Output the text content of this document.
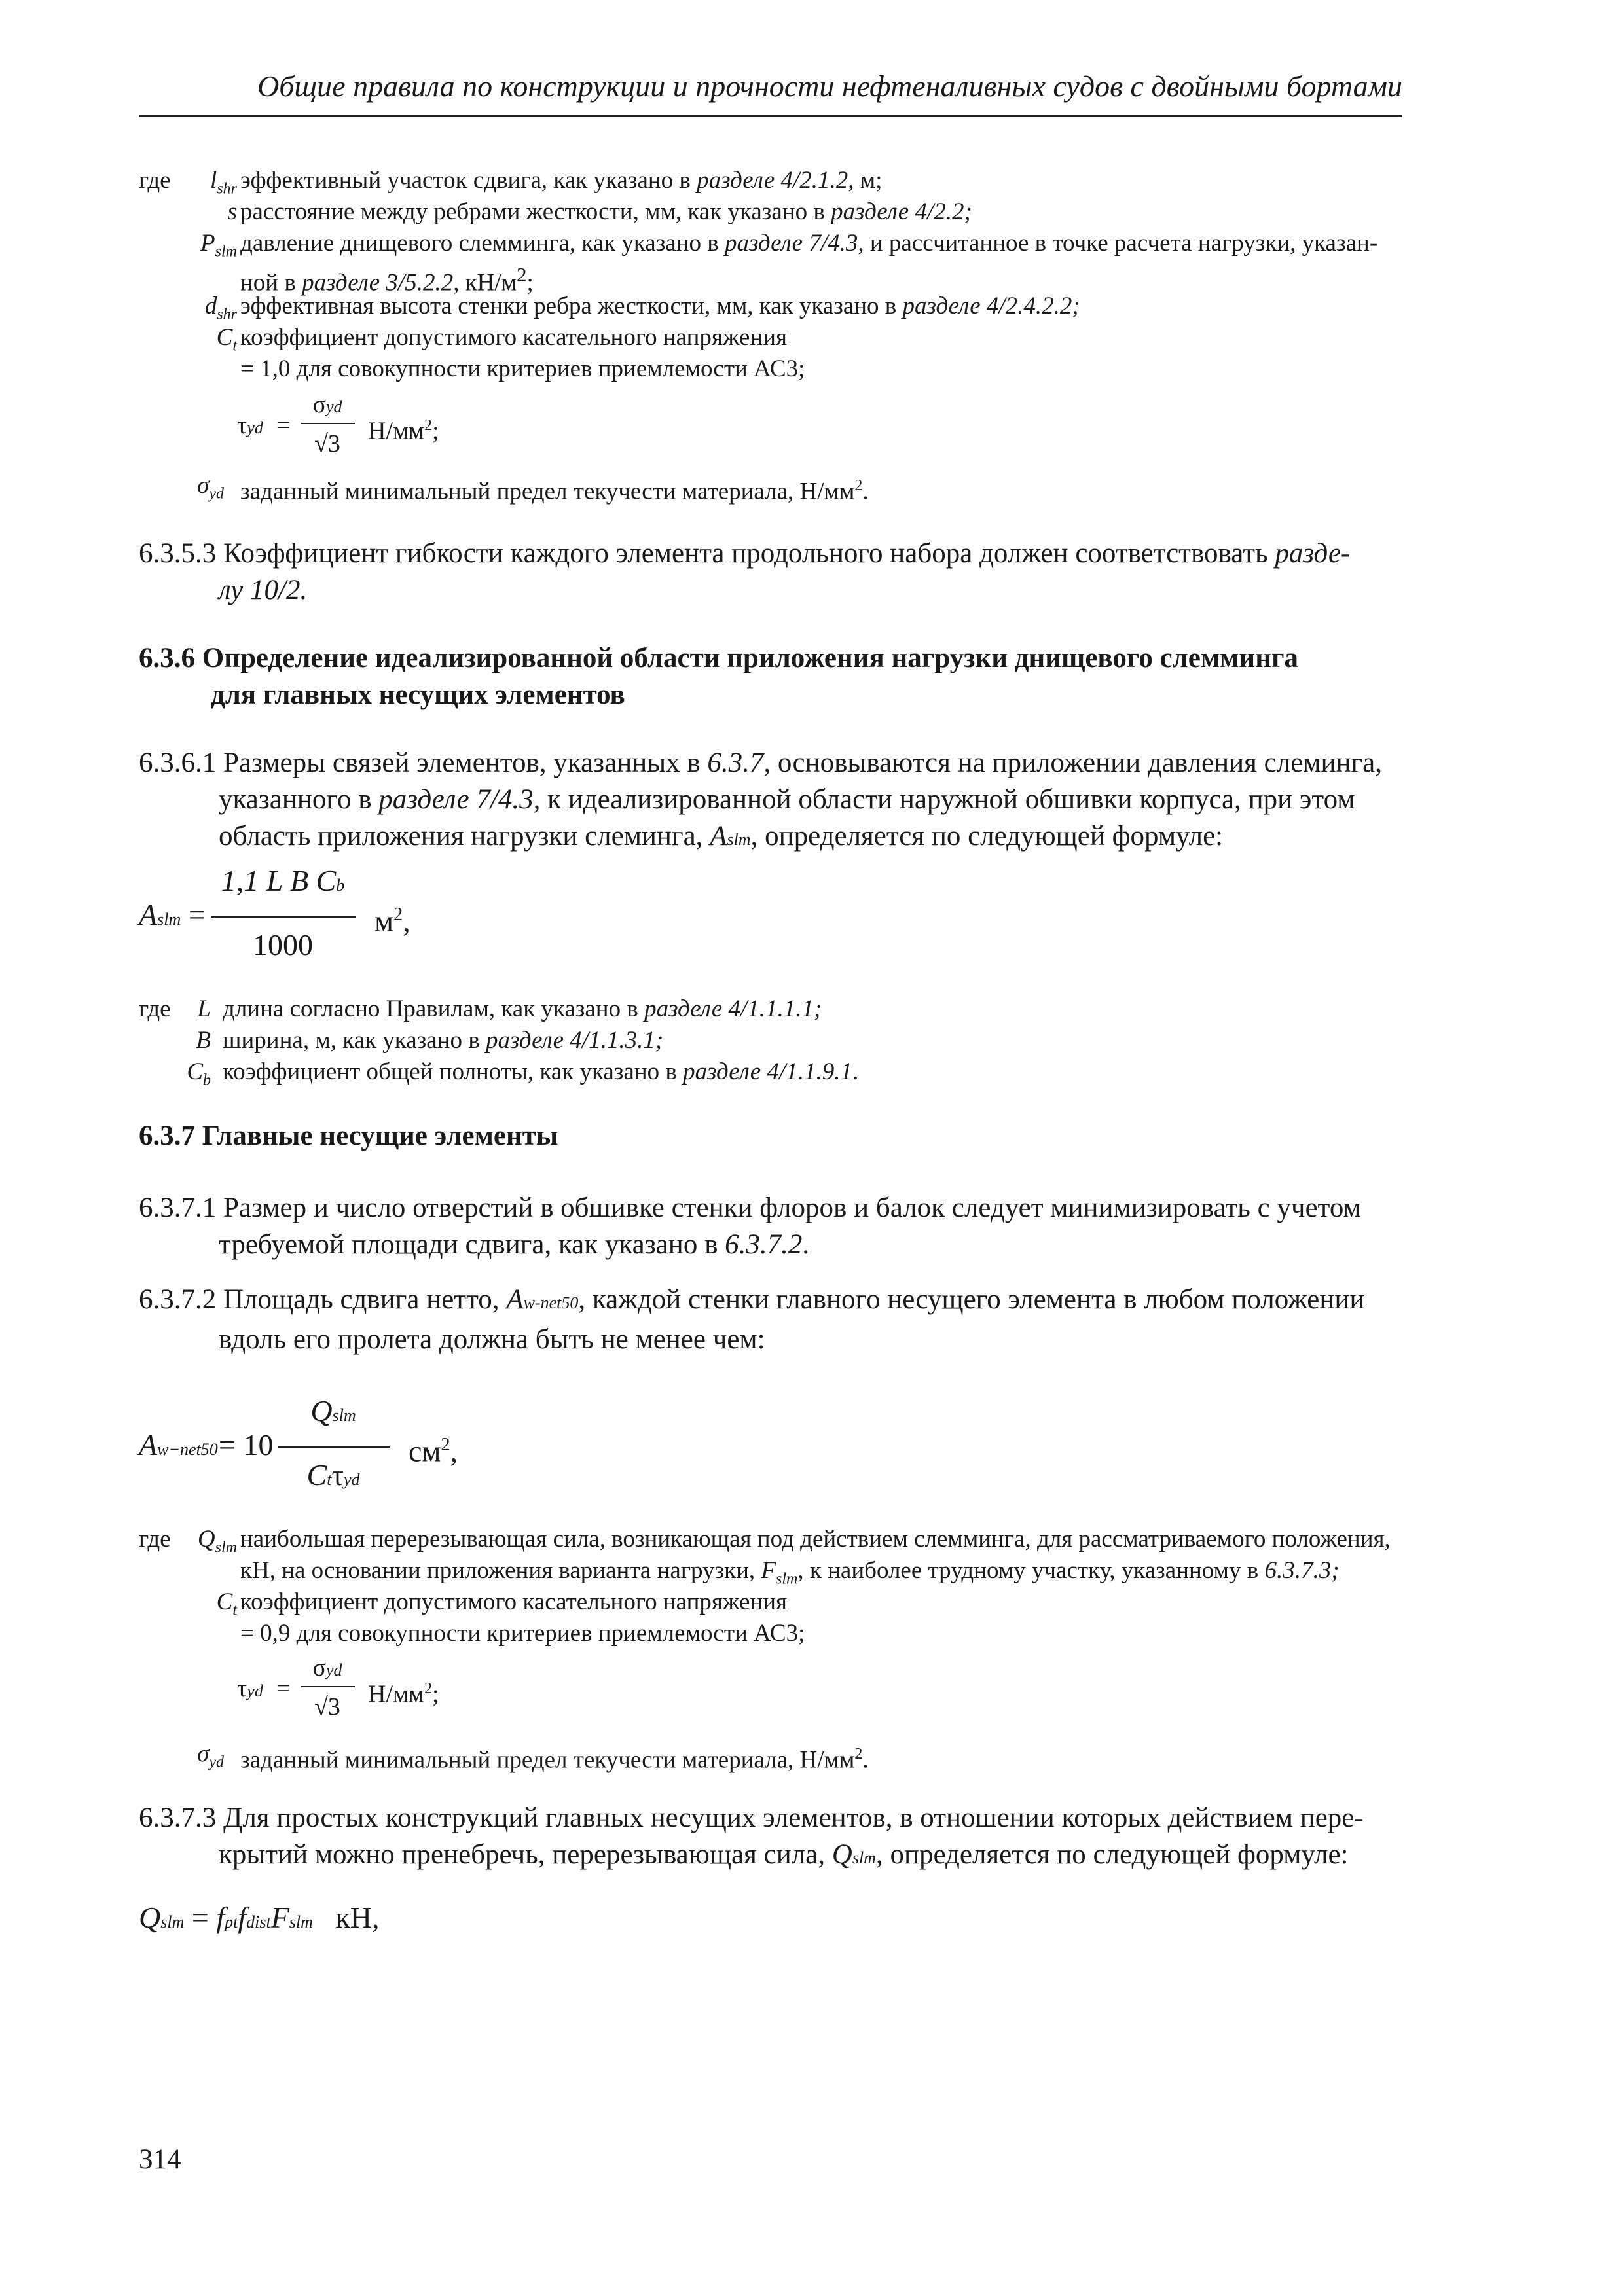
Общие правила по конструкции и прочности нефтеналивных судов с двойными бортами
где	$l_{shr}$ эффективный участок сдвига, как указано в разделе 4/2.1.2, м;
s расстояние между ребрами жесткости, мм, как указано в разделе 4/2.2;
$P_{slm}$ давление днищевого слемминга, как указано в разделе 7/4.3, и рассчитанное в точке расчета нагрузки, указан-
ной в разделе 3/5.2.2, $кН/м^2$;
$d_{shr}$ эффективная высота стенки ребра жесткости, мм, как указано в разделе 4/2.4.2.2;
$C_t$ коэффициент допустимого касательного напряжения
= 1,0 для совокупности критериев приемлемости АС3;
τyd =
σyd
√3	$Н/мм^2$;
$\sigma_{yd}$ заданный минимальный предел текучести материала, $Н/мм^2$.
6.3.5.3 Коэффициент гибкости каждого элемента продольного набора должен соответствовать разде-

лу 10/2.
6.3.6 Определение идеализированной области приложения нагрузки днищевого слемминга
для главных несущих элементов
6.3.6.1 Размеры связей элементов, указанных в 6.3.7, основываются на приложении давления слеминга,

указанного в разделе 7/4.3, к идеализированной области наружной обшивки корпуса, при этом
область приложения нагрузки слеминга, Aslm, определяется по следующей формуле:
Aslm =
1,1 L B Cb
1000
$м^2$,
где	L длина согласно Правилам, как указано в разделе 4/1.1.1.1;
B ширина, м, как указано в разделе 4/1.1.3.1;
$C_b$ коэффициент общей полноты, как указано в разделе 4/1.1.9.1.
6.3.7 Главные несущие элементы
6.3.7.1 Размер и число отверстий в обшивке стенки флоров и балок следует минимизировать с учетом

требуемой площади сдвига, как указано в 6.3.7.2.
6.3.7.2 Площадь сдвига нетто, Aw-net50, каждой стенки главного несущего элемента в любом положении

вдоль его пролета должна быть не менее чем:
Aw−net50 = 10
Qslm
Ctτyd
$см^2$,
где	$Q_{slm}$ наибольшая перерезывающая сила, возникающая под действием слемминга, для рассматриваемого положения,
кН, на основании приложения варианта нагрузки, $F_{slm}$, к наиболее трудному участку, указанному в 6.3.7.3;
$C_t$ коэффициент допустимого касательного напряжения
= 0,9 для совокупности критериев приемлемости АС3;
τyd =
σyd
√3	$Н/мм^2$;
$\sigma_{yd}$ заданный минимальный предел текучести материала, $Н/мм^2$.
6.3.7.3 Для простых конструкций главных несущих элементов, в отношении которых действием пере-

крытий можно пренебречь, перерезывающая сила, Qslm, определяется по следующей формуле:
Qslm = fptfdistFslm кН,
314
